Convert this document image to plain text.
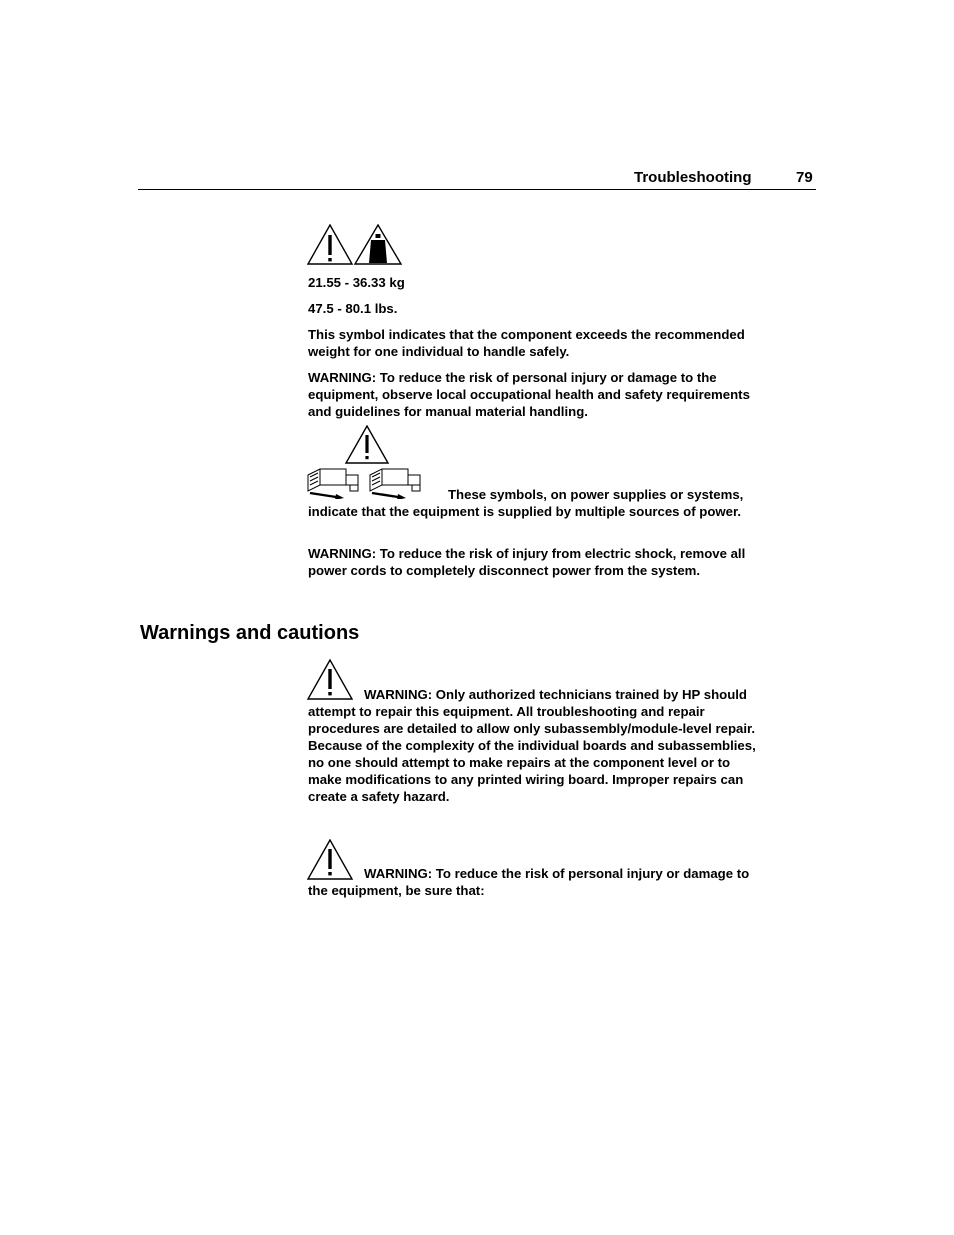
Troubleshooting	79
21.55 - 36.33 kg
47.5 - 80.1 lbs.
This symbol indicates that the component exceeds the recommended weight for one individual to handle safely.
WARNING: To reduce the risk of personal injury or damage to the equipment, observe local occupational health and safety requirements and guidelines for manual material handling.
These symbols, on power supplies or systems, indicate that the equipment is supplied by multiple sources of power.
WARNING: To reduce the risk of injury from electric shock, remove all power cords to completely disconnect power from the system.
Warnings and cautions
WARNING: Only authorized technicians trained by HP should attempt to repair this equipment. All troubleshooting and repair procedures are detailed to allow only subassembly/module-level repair. Because of the complexity of the individual boards and subassemblies, no one should attempt to make repairs at the component level or to make modifications to any printed wiring board. Improper repairs can create a safety hazard.
WARNING: To reduce the risk of personal injury or damage to the equipment, be sure that:
